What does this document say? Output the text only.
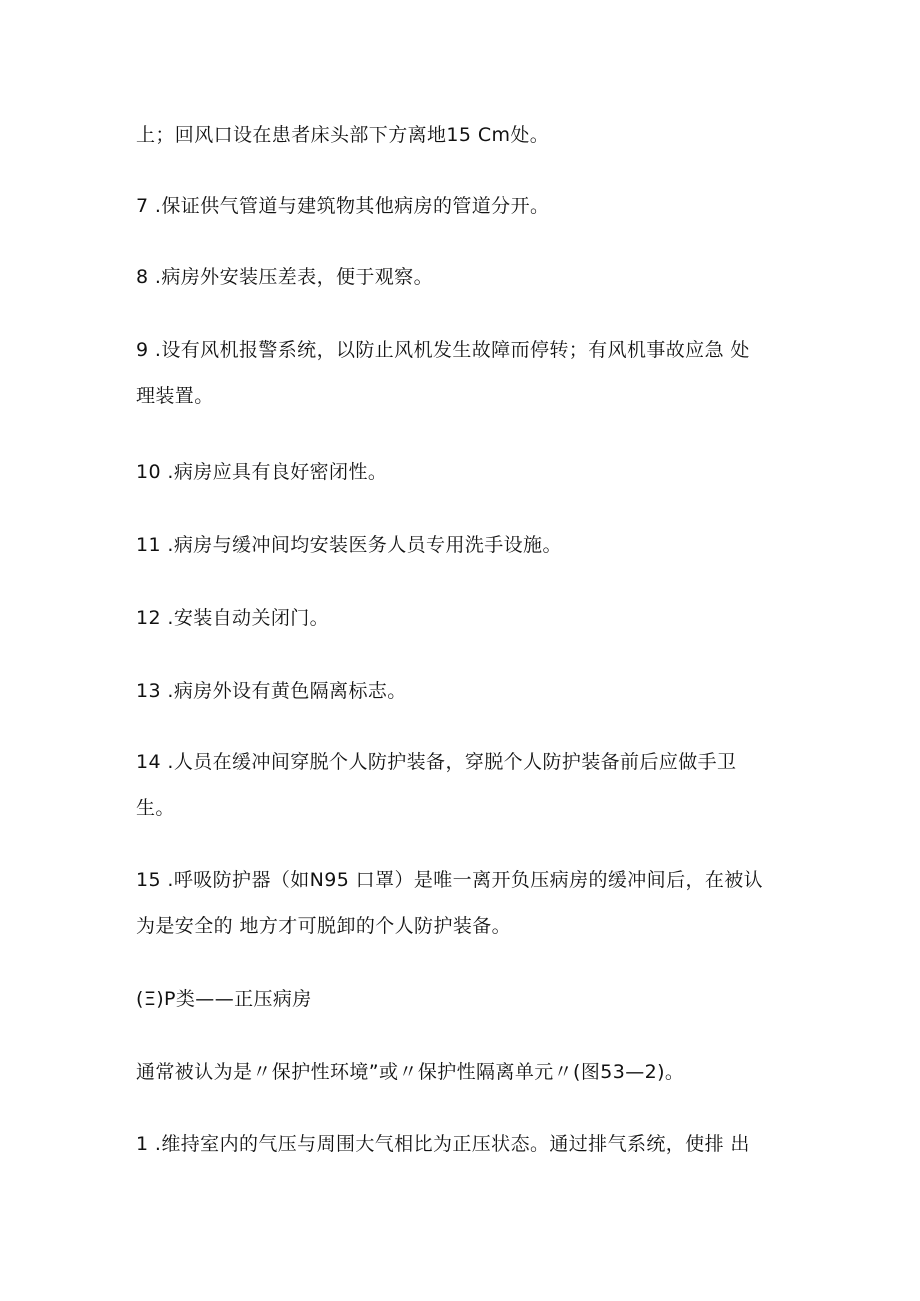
上；回风口设在患者床头部下方离地15 Cm处。
7 .保证供气管道与建筑物其他病房的管道分开。
8 .病房外安装压差表，便于观察。
9 .设有风机报警系统，以防止风机发生故障而停转；有风机事故应急 处
理装置。
10 .病房应具有良好密闭性。
11 .病房与缓冲间均安装医务人员专用洗手设施。
12 .安装自动关闭门。
13 .病房外设有黄色隔离标志。
14 .人员在缓冲间穿脱个人防护装备，穿脱个人防护装备前后应做手卫
生。
15 .呼吸防护器（如N95 口罩）是唯一离开负压病房的缓冲间后，在被认
为是安全的 地方才可脱卸的个人防护装备。
(Ξ)P类——正压病房
通常被认为是〃保护性环境”或〃保护性隔离单元〃(图53—2)。
1 .维持室内的气压与周围大气相比为正压状态。通过排气系统，使排 出
